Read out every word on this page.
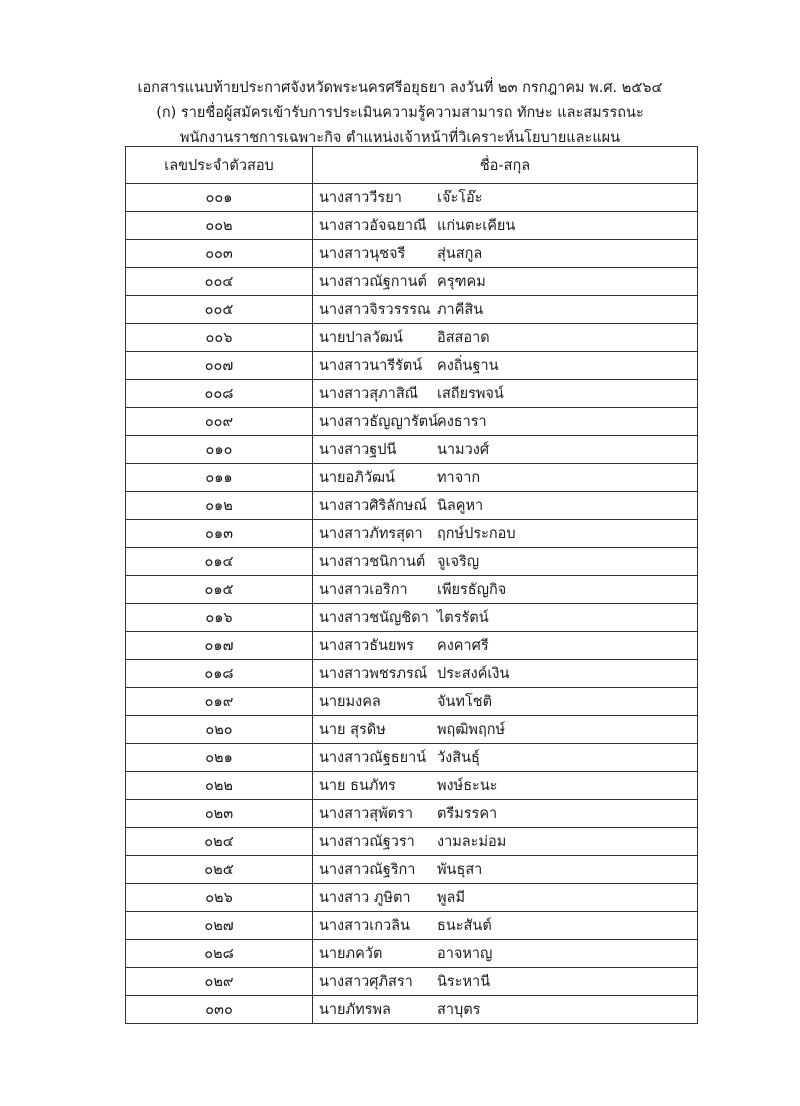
เอกสารแนบท้ายประกาศจังหวัดพระนครศรีอยุธยา ลงวันที่ ๒๓ กรกฎาคม พ.ศ. ๒๕๖๔
(ก) รายชื่อผู้สมัครเข้ารับการประเมินความรู้ความสามารถ ทักษะ และสมรรถนะ
พนักงานราชการเฉพาะกิจ ตำแหน่งเจ้าหน้าที่วิเคราะห์นโยบายและแผน
เลขประจำตัวสอบ	ชื่อ-สกุล
๐๐๑	นางสาววีรยา เจ๊ะโอ๊ะ

๐๐๒	นางสาวอัจฉยาณี แก่นตะเคียน

๐๐๓	นางสาวนุชจรี สุ่นสกูล

๐๐๔	นางสาวณัฐกานต์ ครุฑคม

๐๐๕	นางสาวจิรวรรรณ ภาคีสิน

๐๐๖	นายปาลวัฒน์ อิสสอาด

๐๐๗	นางสาวนารีรัตน์ คงถิ่นฐาน

๐๐๘	นางสาวสุภาสิณี เสถียรพจน์

๐๐๙	นางสาวธัญญารัตน์
คงธารา

๐๑๐	นางสาวฐปนี นามวงศ์

๐๑๑	นายอภิวัฒน์ ทาจาก

๐๑๒	นางสาวศิริลักษณ์ นิลคูหา

๐๑๓	นางสาวภัทรสุดา ฤกษ์ประกอบ

๐๑๔	นางสาวชนิกานต์ จูเจริญ

๐๑๕	นางสาวเอริกา เพียรธัญกิจ

๐๑๖	นางสาวชนัญชิดา ไตรรัตน์

๐๑๗	นางสาวธันยพร คงคาศรี

๐๑๘	นางสาวพชรภรณ์ ประสงค์เงิน

๐๑๙	นายมงคล จันทโชติ

๐๒๐	นาย สุรดิษ พฤฒิพฤกษ์

๐๒๑	นางสาวณัฐธยาน์ วังสินธุ์

๐๒๒	นาย ธนภัทร พงษ์ธะนะ

๐๒๓	นางสาวสุพัตรา ตรีมรรคา

๐๒๔	นางสาวณัฐวรา งามละม่อม

๐๒๕	นางสาวณัฐริกา พันธุสา

๐๒๖	นางสาว ภูษิตา พูลมี

๐๒๗	นางสาวเกวลิน ธนะสันต์

๐๒๘	นายภควัต อาจหาญ

๐๒๙	นางสาวศุภิสรา นิระหานี

๐๓๐	นายภัทรพล สาบุตร
